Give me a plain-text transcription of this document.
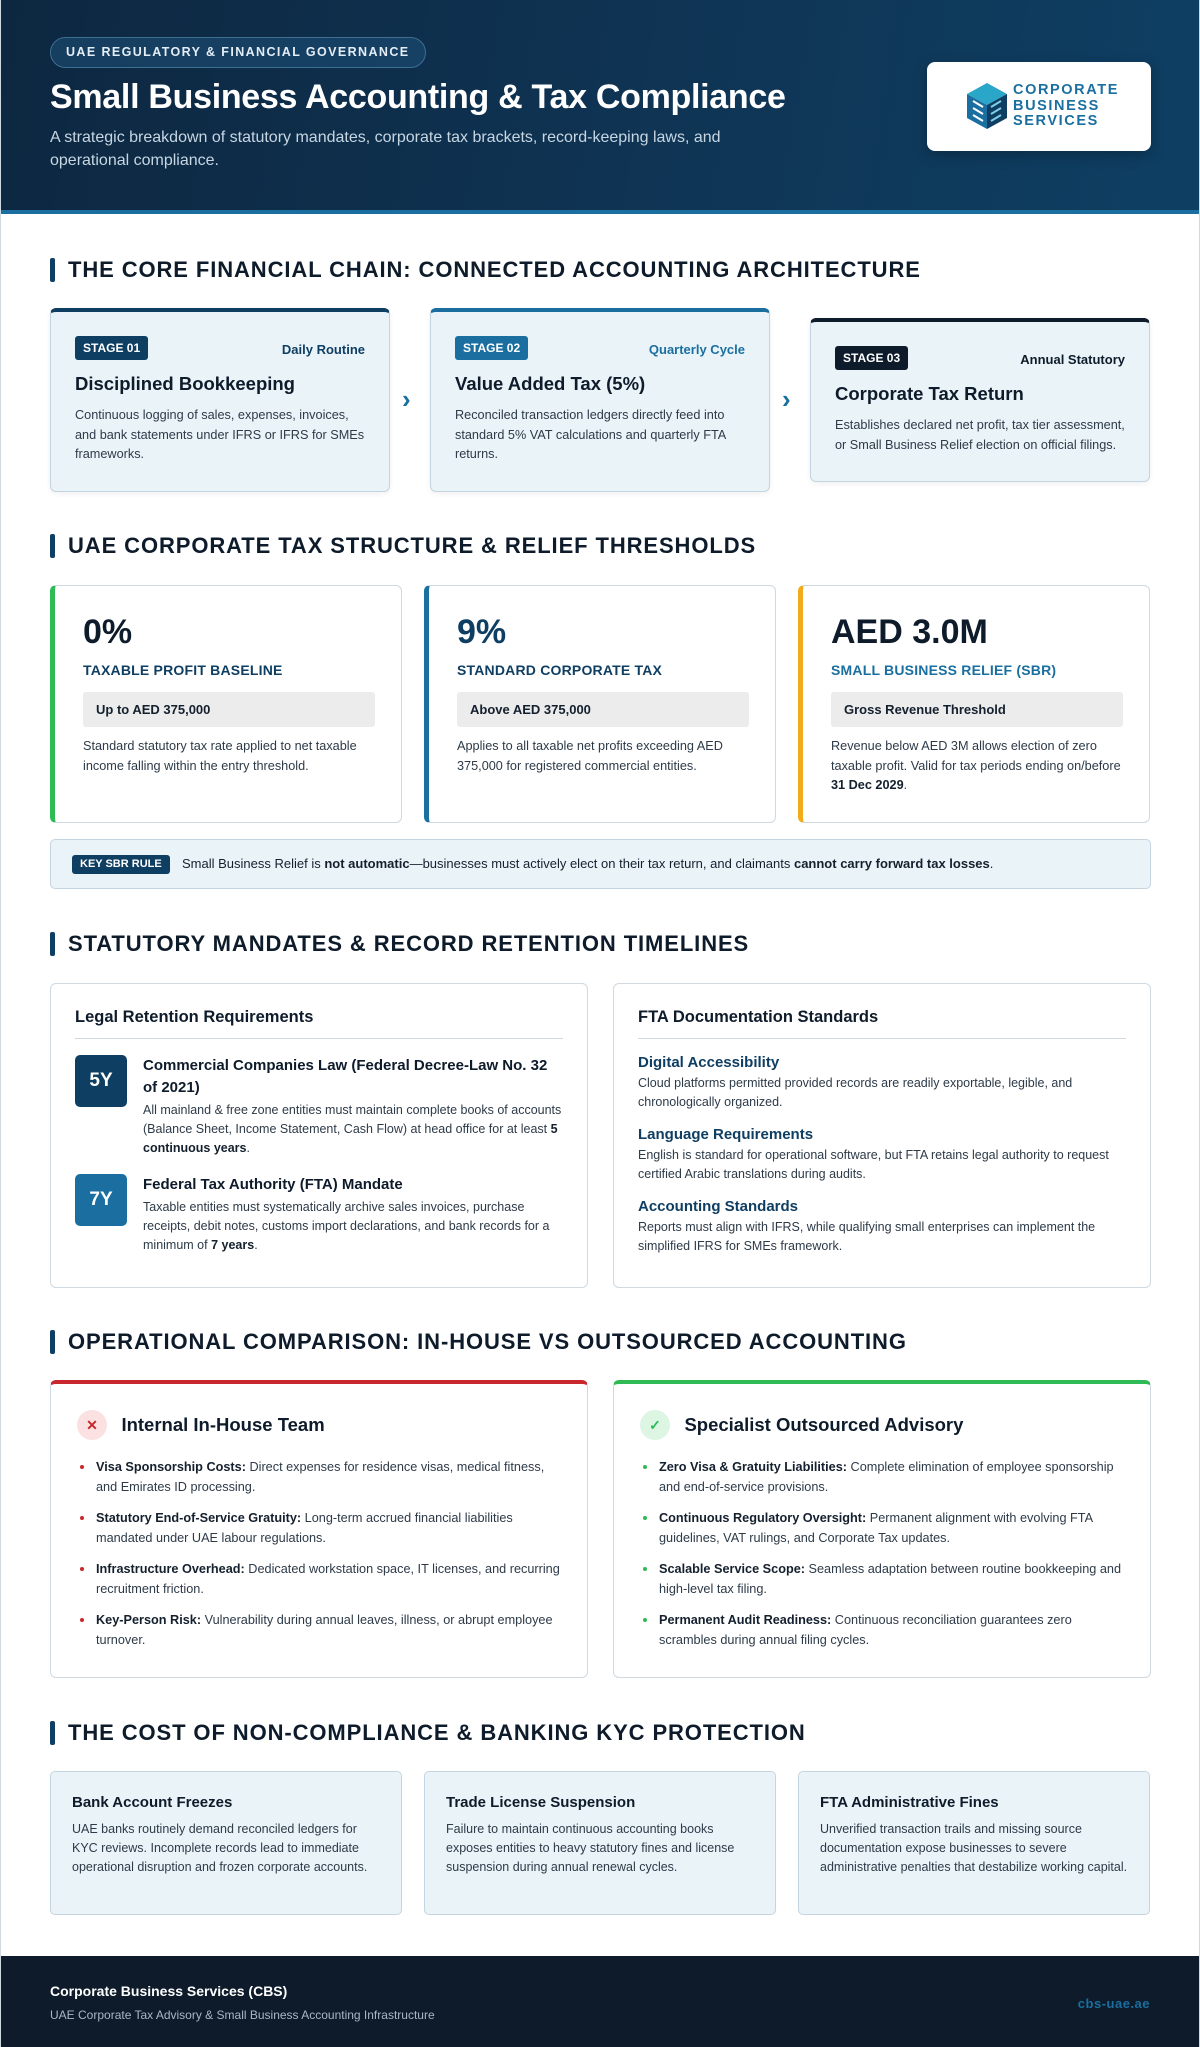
UAE REGULATORY & FINANCIAL GOVERNANCE
Small Business Accounting & Tax Compliance
A strategic breakdown of statutory mandates, corporate tax brackets, record-keeping laws, and operational compliance.
CORPORATE
BUSINESS
SERVICES
THE CORE FINANCIAL CHAIN: CONNECTED ACCOUNTING ARCHITECTURE
STAGE 01	Daily Routine
Disciplined Bookkeeping

Continuous logging of sales, expenses, invoices, and bank statements under IFRS or IFRS for SMEs frameworks.

›
STAGE 02	Quarterly Cycle
Value Added Tax (5%)

Reconciled transaction ledgers directly feed into standard 5% VAT calculations and quarterly FTA returns.

›
STAGE 03	Annual Statutory
Corporate Tax Return

Establishes declared net profit, tax tier assessment, or Small Business Relief election on official filings.

UAE CORPORATE TAX STRUCTURE & RELIEF THRESHOLDS
0%
TAXABLE PROFIT BASELINE
Up to AED 375,000

Standard statutory tax rate applied to net taxable income falling within the entry threshold.

9%
STANDARD CORPORATE TAX
Above AED 375,000

Applies to all taxable net profits exceeding AED 375,000 for registered commercial entities.

AED 3.0M
SMALL BUSINESS RELIEF (SBR)
Gross Revenue Threshold

Revenue below AED 3M allows election of zero taxable profit. Valid for tax periods ending on/before 31 Dec 2029.

KEY SBR RULE	Small Business Relief is not automatic—businesses must actively elect on their tax return, and claimants cannot carry forward tax losses.
STATUTORY MANDATES & RECORD RETENTION TIMELINES
Legal Retention Requirements
5Y
Commercial Companies Law (Federal Decree-Law No. 32 of 2021)

All mainland & free zone entities must maintain complete books of accounts (Balance Sheet, Income Statement, Cash Flow) at head office for at least 5 continuous years.

7Y
Federal Tax Authority (FTA) Mandate

Taxable entities must systematically archive sales invoices, purchase receipts, debit notes, customs import declarations, and bank records for a minimum of 7 years.

FTA Documentation Standards
Digital Accessibility

Cloud platforms permitted provided records are readily exportable, legible, and chronologically organized.

Language Requirements

English is standard for operational software, but FTA retains legal authority to request certified Arabic translations during audits.

Accounting Standards

Reports must align with IFRS, while qualifying small enterprises can implement the simplified IFRS for SMEs framework.

OPERATIONAL COMPARISON: IN-HOUSE VS OUTSOURCED ACCOUNTING
✕ Internal In-House Team
Visa Sponsorship Costs: Direct expenses for residence visas, medical fitness, and Emirates ID processing.
Statutory End-of-Service Gratuity: Long-term accrued financial liabilities mandated under UAE labour regulations.
Infrastructure Overhead: Dedicated workstation space, IT licenses, and recurring recruitment friction.
Key-Person Risk: Vulnerability during annual leaves, illness, or abrupt employee turnover.
✓ Specialist Outsourced Advisory
Zero Visa & Gratuity Liabilities: Complete elimination of employee sponsorship and end-of-service provisions.
Continuous Regulatory Oversight: Permanent alignment with evolving FTA guidelines, VAT rulings, and Corporate Tax updates.
Scalable Service Scope: Seamless adaptation between routine bookkeeping and high-level tax filing.
Permanent Audit Readiness: Continuous reconciliation guarantees zero scrambles during annual filing cycles.
THE COST OF NON-COMPLIANCE & BANKING KYC PROTECTION
Bank Account Freezes

UAE banks routinely demand reconciled ledgers for KYC reviews. Incomplete records lead to immediate operational disruption and frozen corporate accounts.

Trade License Suspension

Failure to maintain continuous accounting books exposes entities to heavy statutory fines and license suspension during annual renewal cycles.

FTA Administrative Fines

Unverified transaction trails and missing source documentation expose businesses to severe administrative penalties that destabilize working capital.

Corporate Business Services (CBS)
UAE Corporate Tax Advisory & Small Business Accounting Infrastructure
cbs-uae.ae
